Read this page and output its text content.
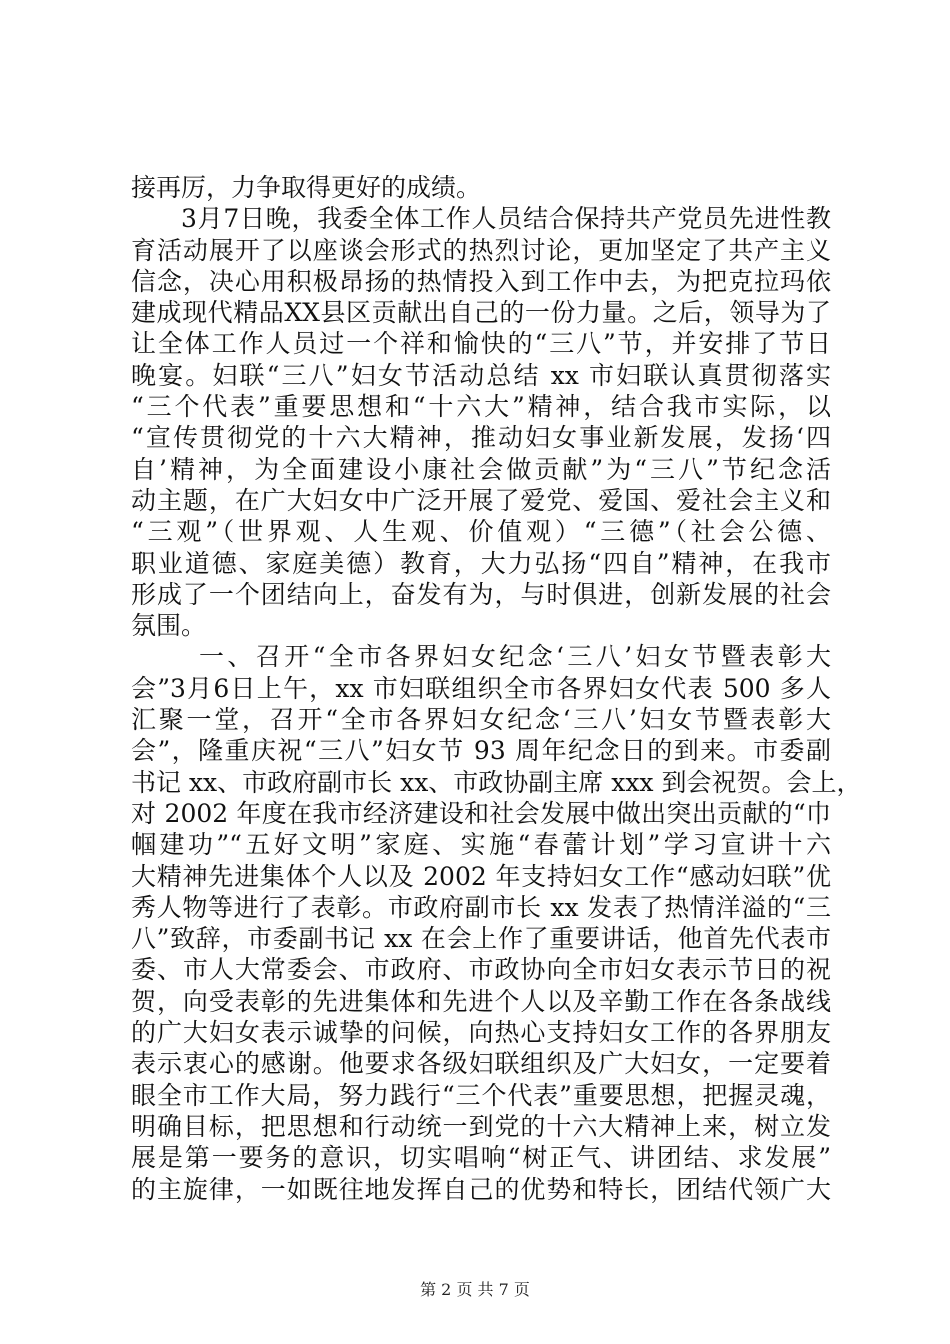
接再厉，力争取得更好的成绩。
3月7日晚，我委全体工作人员结合保持共产党员先进性教
育活动展开了以座谈会形式的热烈讨论，更加坚定了共产主义
信念，决心用积极昂扬的热情投入到工作中去，为把克拉玛依
建成现代精品XX县区贡献出自己的一份力量。之后，领导为了
让全体工作人员过一个祥和愉快的“三八”节，并安排了节日
晚宴。妇联“三八”妇女节活动总结 xx 市妇联认真贯彻落实
“三个代表”重要思想和“十六大”精神，结合我市实际，以
“宣传贯彻党的十六大精神，推动妇女事业新发展，发扬‘四
自’精神，为全面建设小康社会做贡献”为“三八”节纪念活
动主题，在广大妇女中广泛开展了爱党、爱国、爱社会主义和
“三观”（世界观、人生观、价值观）“三德”（社会公德、
职业道德、家庭美德）教育，大力弘扬“四自”精神，在我市
形成了一个团结向上，奋发有为，与时俱进，创新发展的社会
氛围。
一、召开“全市各界妇女纪念‘三八’妇女节暨表彰大
会”3月6日上午，xx 市妇联组织全市各界妇女代表 500 多人
汇聚一堂，召开“全市各界妇女纪念‘三八’妇女节暨表彰大
会”，隆重庆祝“三八”妇女节 93 周年纪念日的到来。市委副
书记 xx、市政府副市长 xx、市政协副主席 xxx 到会祝贺。会上，
对 2002 年度在我市经济建设和社会发展中做出突出贡献的“巾
帼建功”“五好文明”家庭、实施“春蕾计划”学习宣讲十六
大精神先进集体个人以及 2002 年支持妇女工作“感动妇联”优
秀人物等进行了表彰。市政府副市长 xx 发表了热情洋溢的“三
八”致辞，市委副书记 xx 在会上作了重要讲话，他首先代表市
委、市人大常委会、市政府、市政协向全市妇女表示节日的祝
贺，向受表彰的先进集体和先进个人以及辛勤工作在各条战线
的广大妇女表示诚挚的问候，向热心支持妇女工作的各界朋友
表示衷心的感谢。他要求各级妇联组织及广大妇女，一定要着
眼全市工作大局，努力践行“三个代表”重要思想，把握灵魂，
明确目标，把思想和行动统一到党的十六大精神上来，树立发
展是第一要务的意识，切实唱响“树正气、讲团结、求发展”
的主旋律，一如既往地发挥自己的优势和特长，团结代领广大
第 2 页 共 7 页
